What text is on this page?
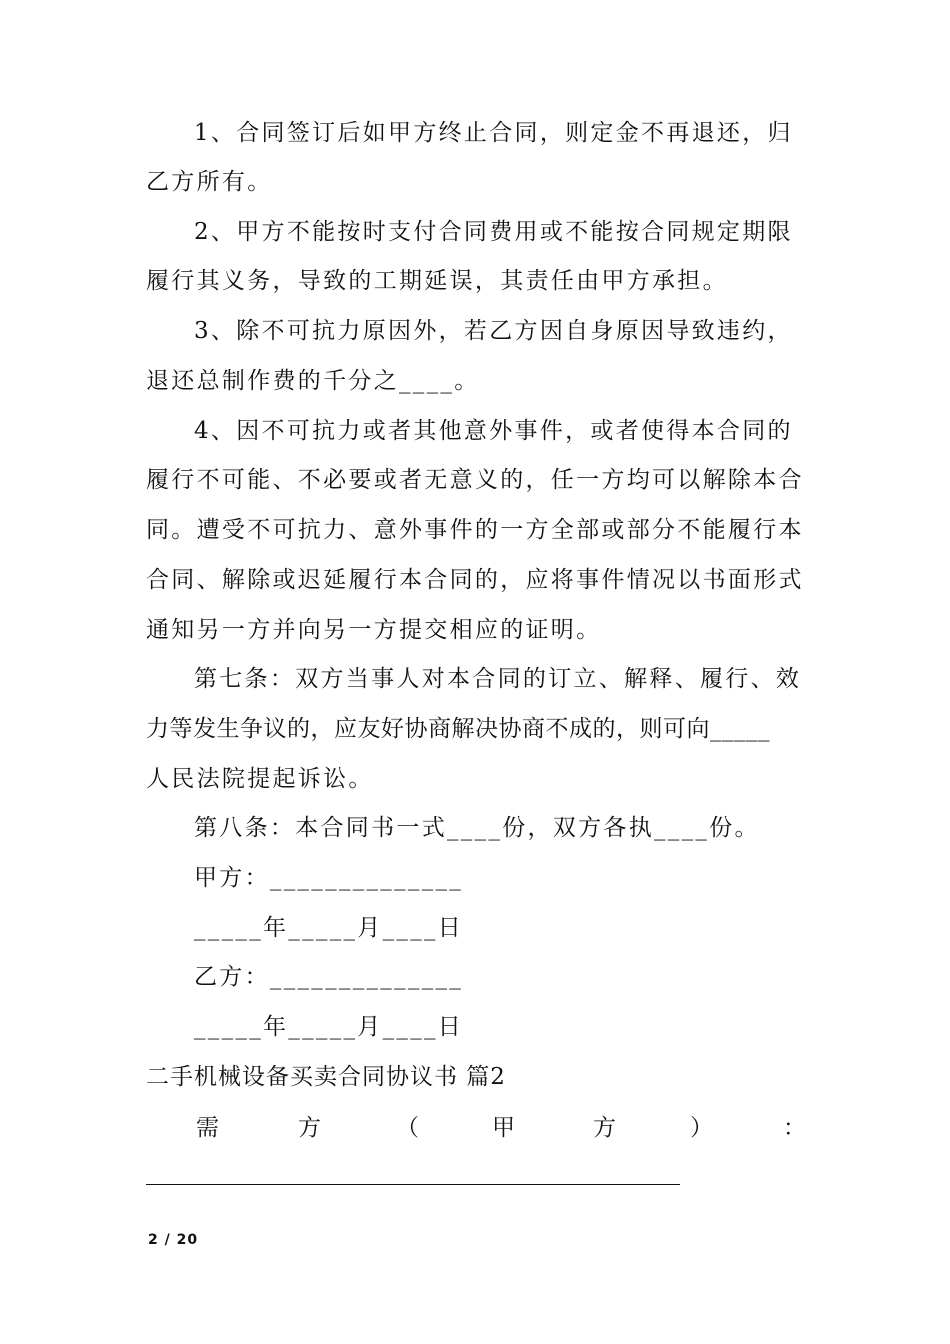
1、合同签订后如甲方终止合同，则定金不再退还，归
乙方所有。
2、甲方不能按时支付合同费用或不能按合同规定期限
履行其义务，导致的工期延误，其责任由甲方承担。
3、除不可抗力原因外，若乙方因自身原因导致违约，
退还总制作费的千分之____。
4、因不可抗力或者其他意外事件，或者使得本合同的
履行不可能、不必要或者无意义的，任一方均可以解除本合
同。遭受不可抗力、意外事件的一方全部或部分不能履行本
合同、解除或迟延履行本合同的，应将事件情况以书面形式
通知另一方并向另一方提交相应的证明。
第七条：双方当事人对本合同的订立、解释、履行、效
力等发生争议的，应友好协商解决协商不成的，则可向_____
人民法院提起诉讼。
第八条：本合同书一式____份，双方各执____份。
甲方：______________
_____年_____月____日
乙方：______________
_____年_____月____日
二手机械设备买卖合同协议书 篇2
需	方	（	甲	方	）	：
2 / 20
